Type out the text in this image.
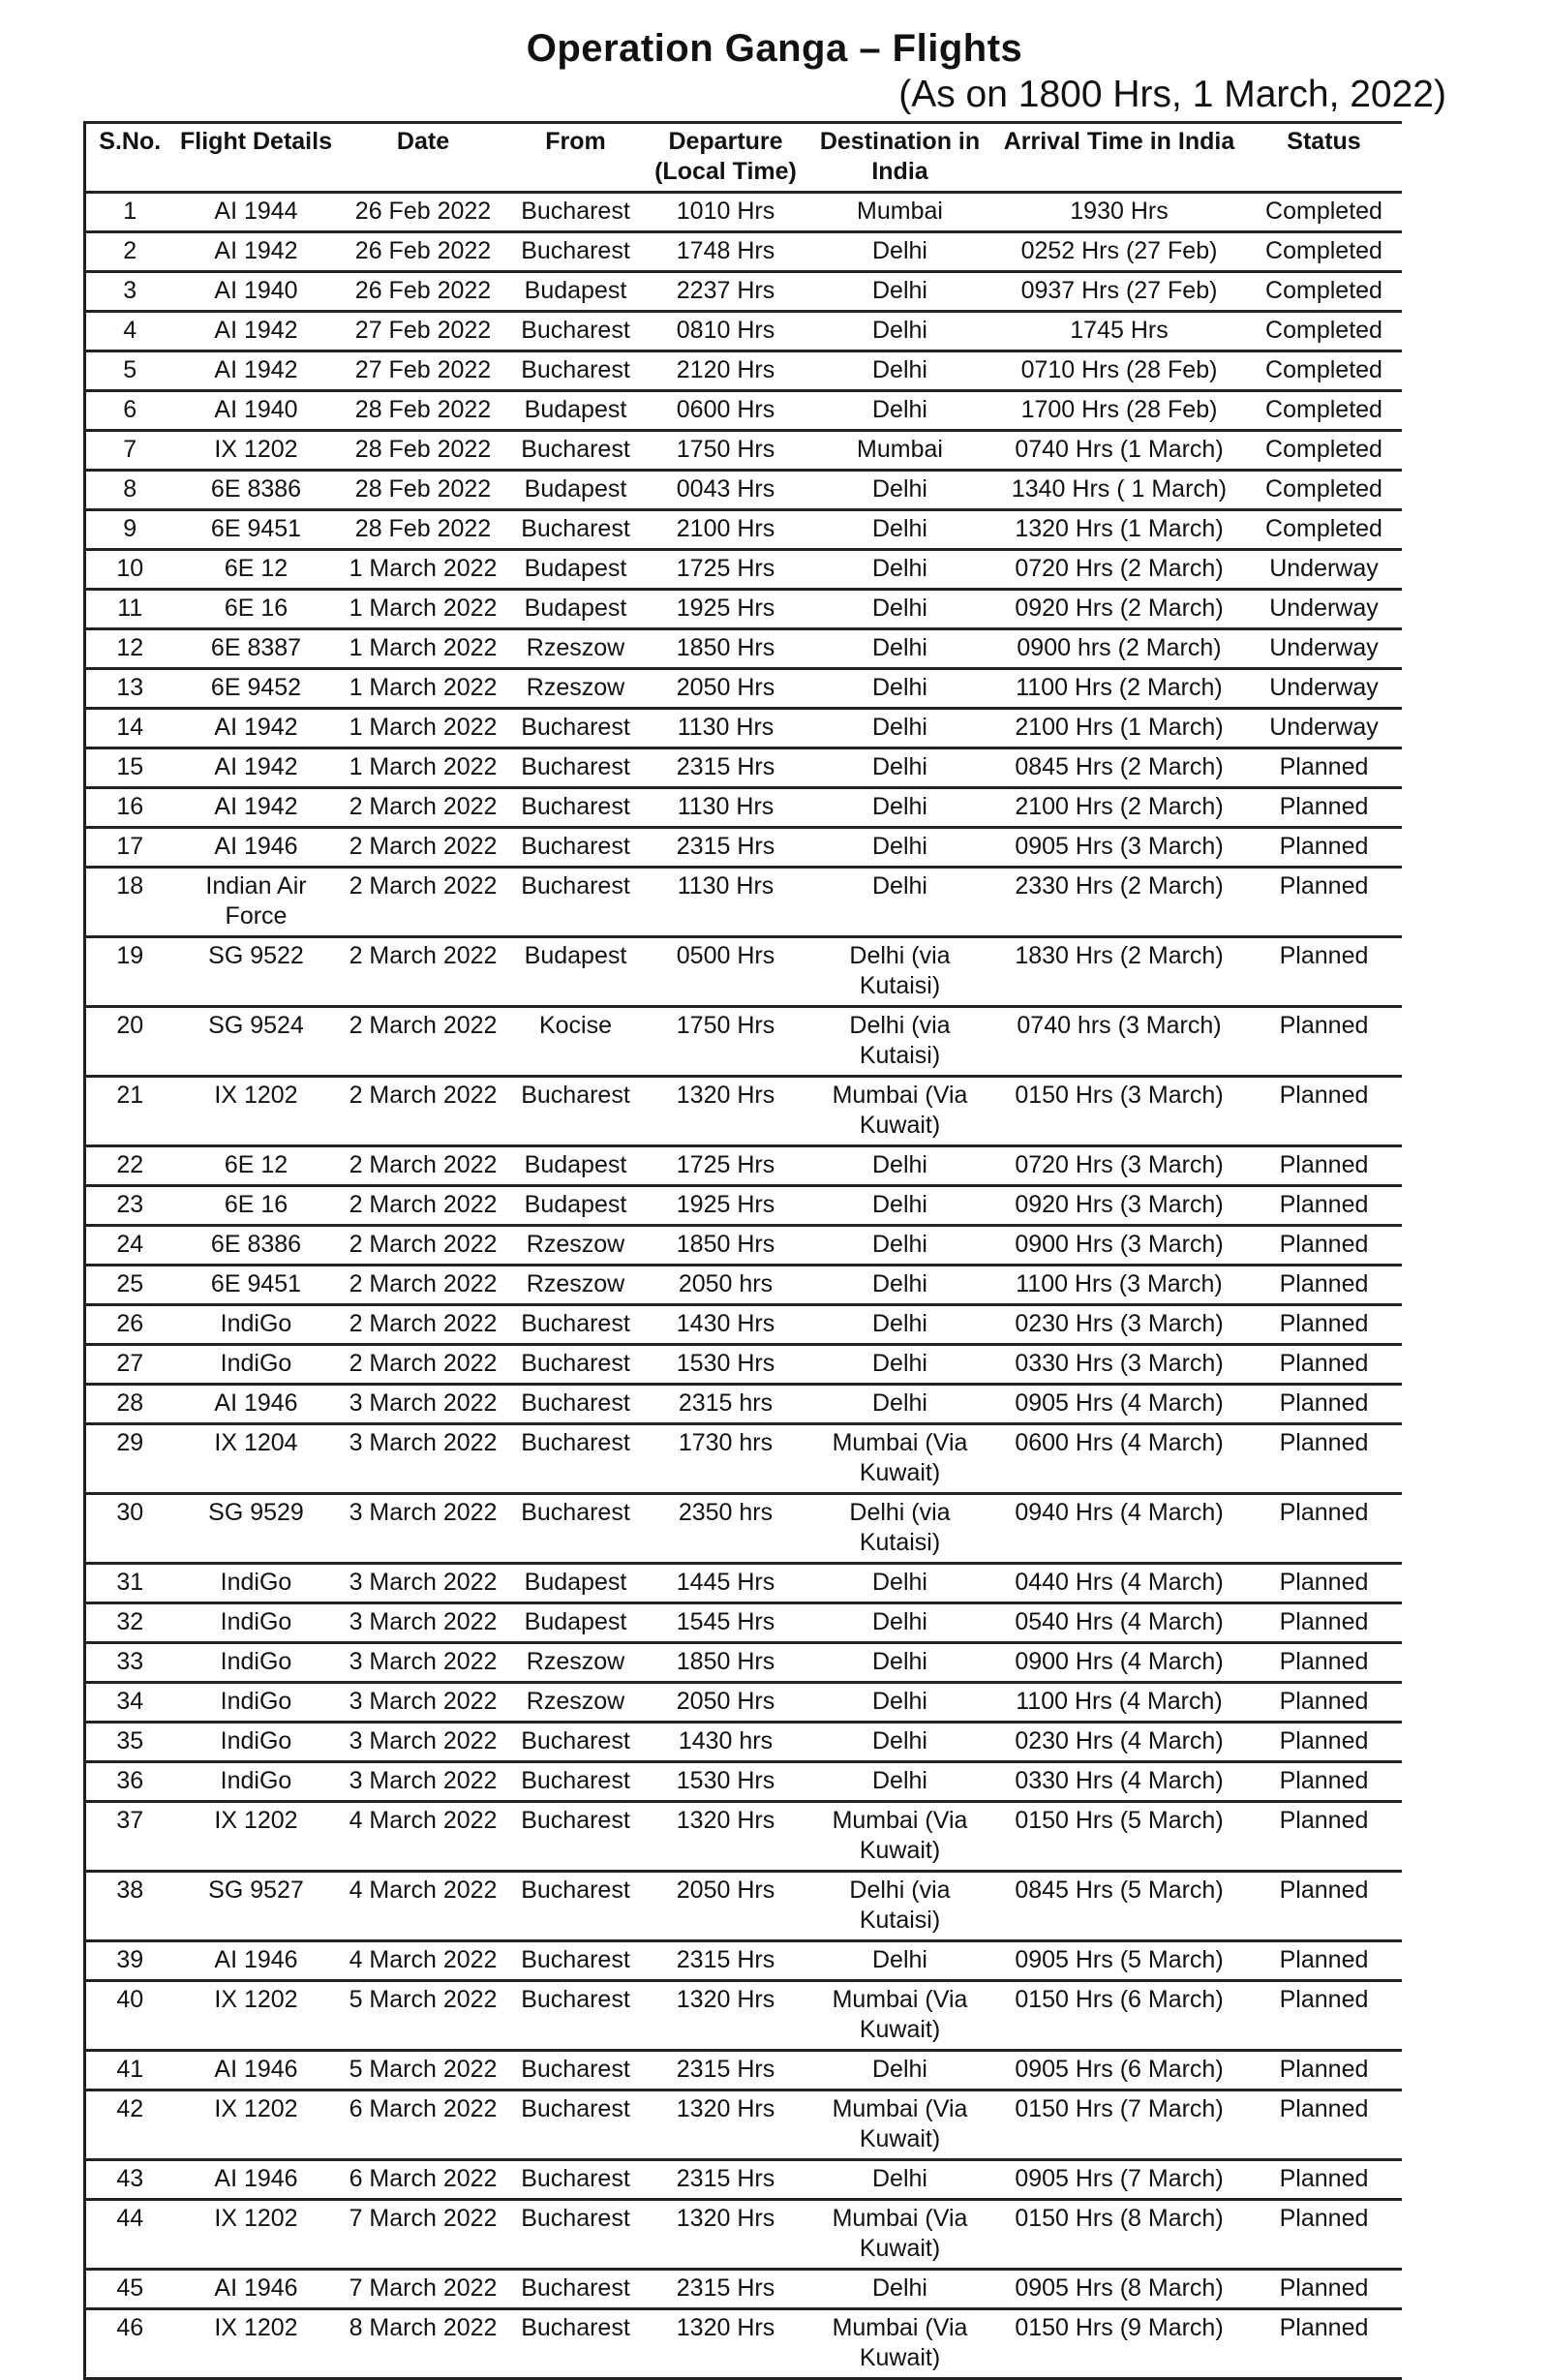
Operation Ganga – Flights
(As on 1800 Hrs, 1 March, 2022)
S.No.	Flight Details	Date	From	Departure (Local Time)	Destination in India	Arrival Time in India	Status
1	AI 1944	26 Feb 2022	Bucharest	1010 Hrs	Mumbai	1930 Hrs	Completed
2	AI 1942	26 Feb 2022	Bucharest	1748 Hrs	Delhi	0252 Hrs (27 Feb)	Completed
3	AI 1940	26 Feb 2022	Budapest	2237 Hrs	Delhi	0937 Hrs (27 Feb)	Completed
4	AI 1942	27 Feb 2022	Bucharest	0810 Hrs	Delhi	1745 Hrs	Completed
5	AI 1942	27 Feb 2022	Bucharest	2120 Hrs	Delhi	0710 Hrs (28 Feb)	Completed
6	AI 1940	28 Feb 2022	Budapest	0600 Hrs	Delhi	1700 Hrs (28 Feb)	Completed
7	IX 1202	28 Feb 2022	Bucharest	1750 Hrs	Mumbai	0740 Hrs (1 March)	Completed
8	6E 8386	28 Feb 2022	Budapest	0043 Hrs	Delhi	1340 Hrs ( 1 March)	Completed
9	6E 9451	28 Feb 2022	Bucharest	2100 Hrs	Delhi	1320 Hrs (1 March)	Completed
10	6E 12	1 March 2022	Budapest	1725 Hrs	Delhi	0720 Hrs (2 March)	Underway
11	6E 16	1 March 2022	Budapest	1925 Hrs	Delhi	0920 Hrs (2 March)	Underway
12	6E 8387	1 March 2022	Rzeszow	1850 Hrs	Delhi	0900 hrs (2 March)	Underway
13	6E 9452	1 March 2022	Rzeszow	2050 Hrs	Delhi	1100 Hrs (2 March)	Underway
14	AI 1942	1 March 2022	Bucharest	1130 Hrs	Delhi	2100 Hrs (1 March)	Underway
15	AI 1942	1 March 2022	Bucharest	2315 Hrs	Delhi	0845 Hrs (2 March)	Planned
16	AI 1942	2 March 2022	Bucharest	1130 Hrs	Delhi	2100 Hrs (2 March)	Planned
17	AI 1946	2 March 2022	Bucharest	2315 Hrs	Delhi	0905 Hrs (3 March)	Planned
18	Indian Air Force	2 March 2022	Bucharest	1130 Hrs	Delhi	2330 Hrs (2 March)	Planned
19	SG 9522	2 March 2022	Budapest	0500 Hrs	Delhi (via Kutaisi)	1830 Hrs (2 March)	Planned
20	SG 9524	2 March 2022	Kocise	1750 Hrs	Delhi (via Kutaisi)	0740 hrs (3 March)	Planned
21	IX 1202	2 March 2022	Bucharest	1320 Hrs	Mumbai (Via Kuwait)	0150 Hrs (3 March)	Planned
22	6E 12	2 March 2022	Budapest	1725 Hrs	Delhi	0720 Hrs (3 March)	Planned
23	6E 16	2 March 2022	Budapest	1925 Hrs	Delhi	0920 Hrs (3 March)	Planned
24	6E 8386	2 March 2022	Rzeszow	1850 Hrs	Delhi	0900 Hrs (3 March)	Planned
25	6E 9451	2 March 2022	Rzeszow	2050 hrs	Delhi	1100 Hrs (3 March)	Planned
26	IndiGo	2 March 2022	Bucharest	1430 Hrs	Delhi	0230 Hrs (3 March)	Planned
27	IndiGo	2 March 2022	Bucharest	1530 Hrs	Delhi	0330 Hrs (3 March)	Planned
28	AI 1946	3 March 2022	Bucharest	2315 hrs	Delhi	0905 Hrs (4 March)	Planned
29	IX 1204	3 March 2022	Bucharest	1730 hrs	Mumbai (Via Kuwait)	0600 Hrs (4 March)	Planned
30	SG 9529	3 March 2022	Bucharest	2350 hrs	Delhi (via Kutaisi)	0940 Hrs (4 March)	Planned
31	IndiGo	3 March 2022	Budapest	1445 Hrs	Delhi	0440 Hrs (4 March)	Planned
32	IndiGo	3 March 2022	Budapest	1545 Hrs	Delhi	0540 Hrs (4 March)	Planned
33	IndiGo	3 March 2022	Rzeszow	1850 Hrs	Delhi	0900 Hrs (4 March)	Planned
34	IndiGo	3 March 2022	Rzeszow	2050 Hrs	Delhi	1100 Hrs (4 March)	Planned
35	IndiGo	3 March 2022	Bucharest	1430 hrs	Delhi	0230 Hrs (4 March)	Planned
36	IndiGo	3 March 2022	Bucharest	1530 Hrs	Delhi	0330 Hrs (4 March)	Planned
37	IX 1202	4 March 2022	Bucharest	1320 Hrs	Mumbai (Via Kuwait)	0150 Hrs (5 March)	Planned
38	SG 9527	4 March 2022	Bucharest	2050 Hrs	Delhi (via Kutaisi)	0845 Hrs (5 March)	Planned
39	AI 1946	4 March 2022	Bucharest	2315 Hrs	Delhi	0905 Hrs (5 March)	Planned
40	IX 1202	5 March 2022	Bucharest	1320 Hrs	Mumbai (Via Kuwait)	0150 Hrs (6 March)	Planned
41	AI 1946	5 March 2022	Bucharest	2315 Hrs	Delhi	0905 Hrs (6 March)	Planned
42	IX 1202	6 March 2022	Bucharest	1320 Hrs	Mumbai (Via Kuwait)	0150 Hrs (7 March)	Planned
43	AI 1946	6 March 2022	Bucharest	2315 Hrs	Delhi	0905 Hrs (7 March)	Planned
44	IX 1202	7 March 2022	Bucharest	1320 Hrs	Mumbai (Via Kuwait)	0150 Hrs (8 March)	Planned
45	AI 1946	7 March 2022	Bucharest	2315 Hrs	Delhi	0905 Hrs (8 March)	Planned
46	IX 1202	8 March 2022	Bucharest	1320 Hrs	Mumbai (Via Kuwait)	0150 Hrs (9 March)	Planned
